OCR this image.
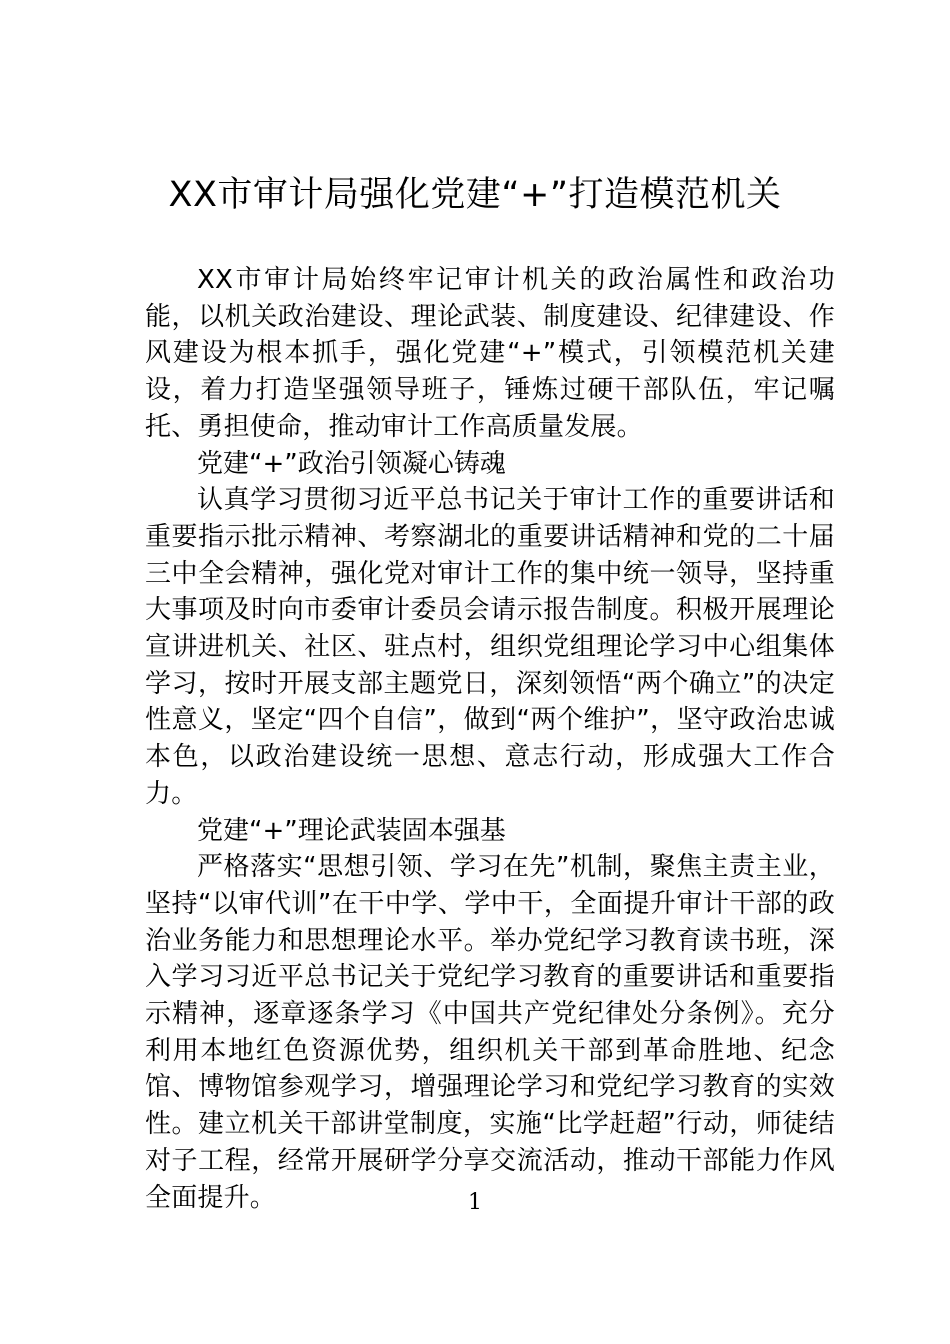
XX市审计局强化党建“+”打造模范机关

XX市审计局始终牢记审计机关的政治属性和政治功能，以机关政治建设、理论武装、制度建设、纪律建设、作风建设为根本抓手，强化党建“+”模式，引领模范机关建设，着力打造坚强领导班子，锤炼过硬干部队伍，牢记嘱托、勇担使命，推动审计工作高质量发展。

党建“+”政治引领凝心铸魂

认真学习贯彻习近平总书记关于审计工作的重要讲话和重要指示批示精神、考察湖北的重要讲话精神和党的二十届三中全会精神，强化党对审计工作的集中统一领导，坚持重大事项及时向市委审计委员会请示报告制度。积极开展理论宣讲进机关、社区、驻点村，组织党组理论学习中心组集体学习，按时开展支部主题党日，深刻领悟“两个确立”的决定性意义，坚定“四个自信”，做到“两个维护”，坚守政治忠诚本色，以政治建设统一思想、意志行动，形成强大工作合力。

党建“+”理论武装固本强基

严格落实“思想引领、学习在先”机制，聚焦主责主业，坚持“以审代训”在干中学、学中干，全面提升审计干部的政治业务能力和思想理论水平。举办党纪学习教育读书班，深入学习习近平总书记关于党纪学习教育的重要讲话和重要指示精神，逐章逐条学习《中国共产党纪律处分条例》。充分利用本地红色资源优势，组织机关干部到革命胜地、纪念馆、博物馆参观学习，增强理论学习和党纪学习教育的实效性。建立机关干部讲堂制度，实施“比学赶超”行动，师徒结对子工程，经常开展研学分享交流活动，推动干部能力作风全面提升。	1
